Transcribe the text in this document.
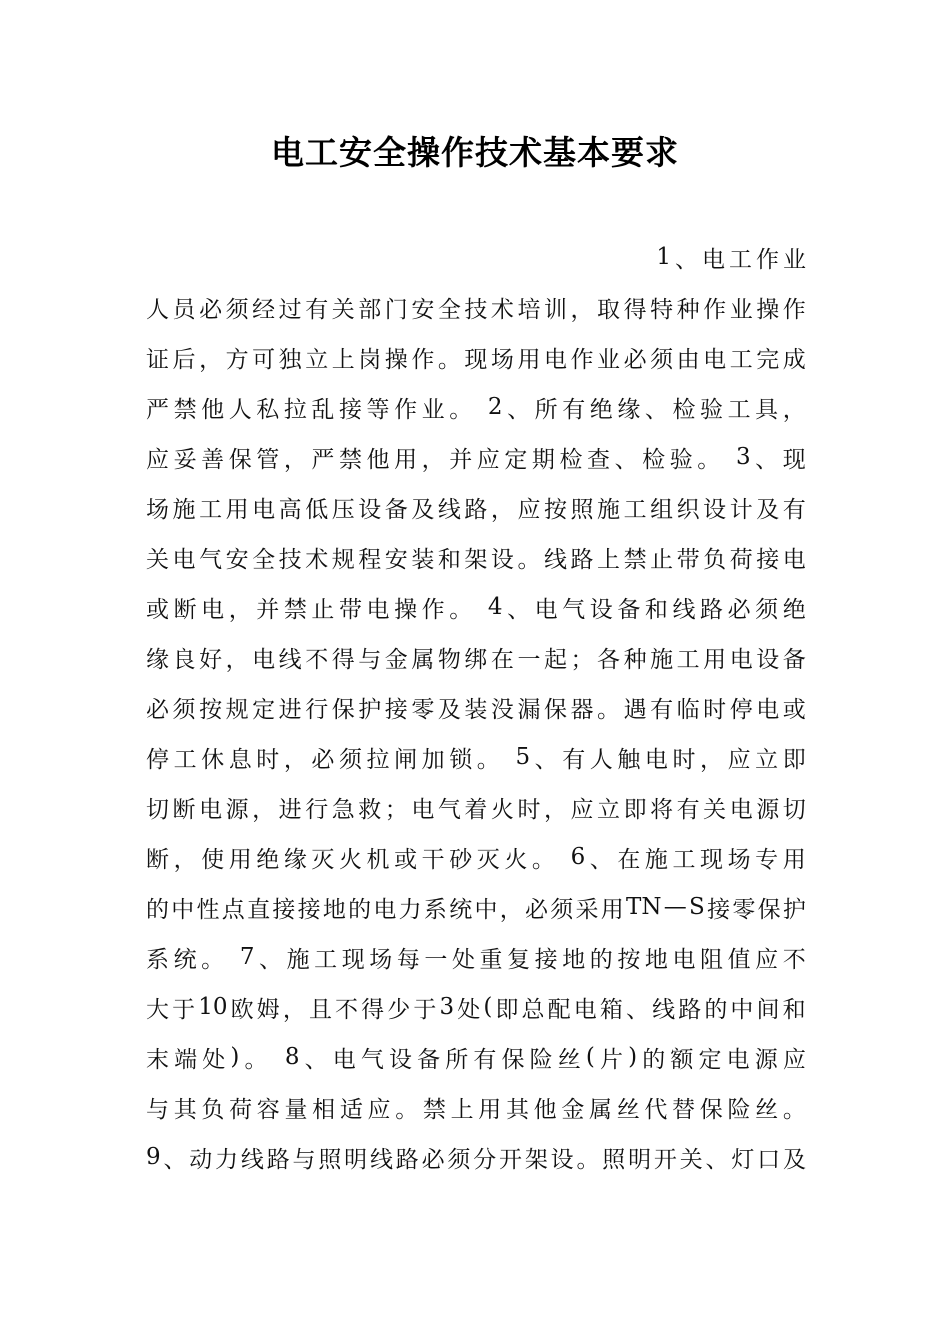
电工安全操作技术基本要求
1 、 电 工 作 业
人 员 必 须 经 过 有 关 部 门 安 全 技 术 培 训 ， 取 得 特 种 作 业 操 作
证 后 ， 方 可 独 立 上 岗 操 作 。 现 场 用 电 作 业 必 须 由 电 工 完 成
严 禁 他 人 私 拉 乱 接 等 作 业 。

　 2 、 所 有 绝 缘 、 检 验 工 具 ，
应 妥 善 保 管 ， 严 禁 他 用 ， 并 应 定 期 检 查 、 检 验 。

　 3 、 现
场 施 工 用 电 高 低 压 设 备 及 线 路 ， 应 按 照 施 工 组 织 设 计 及 有
关 电 气 安 全 技 术 规 程 安 装 和 架 设 。 线 路 上 禁 止 带 负 荷 接 电
或 断 电 ， 并 禁 止 带 电 操 作 。

　 4 、 电 气 设 备 和 线 路 必 须 绝
缘 良 好 ， 电 线 不 得 与 金 属 物 绑 在 一 起 ； 各 种 施 工 用 电 设 备
必 须 按 规 定 进 行 保 护 接 零 及 装 没 漏 保 器 。 遇 有 临 时 停 电 或
停 工 休 息 时 ， 必 须 拉 闸 加 锁 。

　 5 、 有 人 触 电 时 ， 应 立 即
切 断 电 源 ， 进 行 急 救 ； 电 气 着 火 时 ， 应 立 即 将 有 关 电 源 切
断 ， 使 用 绝 缘 灭 火 机 或 干 砂 灭 火 。

　 6 、 在 施 工 现 场 专 用
的 中 性 点 直 接 接 地 的 电 力 系 统 中 ， 必 须 采 用 TN — S 接 零 保 护
系 统 。

　 7 、 施 工 现 场 每 一 处 重 复 接 地 的 按 地 电 阻 值 应 不
大 于 10 欧 姆 ， 且 不 得 少 于 3 处 ( 即 总 配 电 箱 、 线 路 的 中 间 和
末 端 处 ) 。

　 8 、 电 气 设 备 所 有 保 险 丝 ( 片 ) 的 额 定 电 源 应
与 其 负 荷 容 量 相 适 应 。 禁 上 用 其 他 金 属 丝 代 替 保 险 丝 。
9 、 动 力 线 路 与 照 明 线 路 必 须 分 开 架 设 。 照 明 开 关 、 灯 口 及
